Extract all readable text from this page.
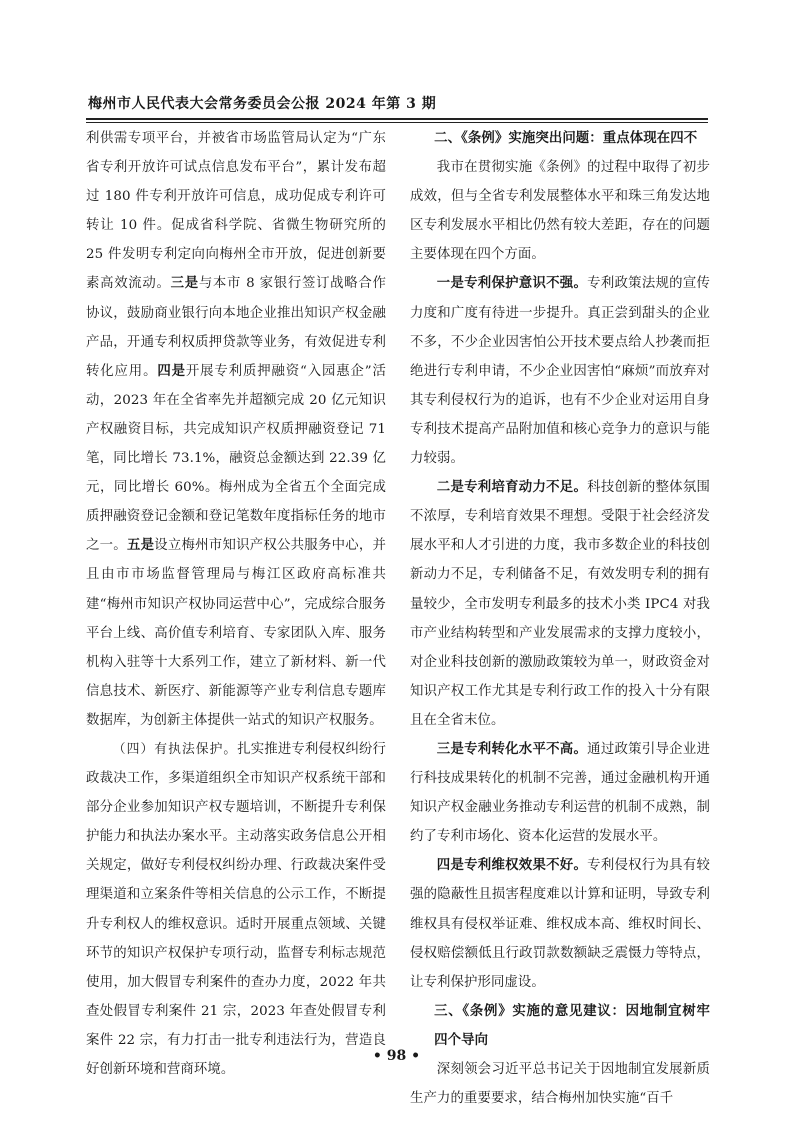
梅州市人民代表大会常务委员会公报 2024 年第 3 期

利供需专项平台，并被省市场监管局认定为“广东省专利开放许可试点信息发布平台”，累计发布超过 180 件专利开放许可信息，成功促成专利许可转让 10 件。促成省科学院、省微生物研究所的 25 件发明专利定向向梅州全市开放，促进创新要素高效流动。三是与本市 8 家银行签订战略合作协议，鼓励商业银行向本地企业推出知识产权金融产品，开通专利权质押贷款等业务，有效促进专利转化应用。四是开展专利质押融资“入园惠企”活动，2023 年在全省率先并超额完成 20 亿元知识产权融资目标，共完成知识产权质押融资登记 71 笔，同比增长 73.1%，融资总金额达到 22.39 亿元，同比增长 60%。梅州成为全省五个全面完成质押融资登记金额和登记笔数年度指标任务的地市之一。五是设立梅州市知识产权公共服务中心，并且由市市场监督管理局与梅江区政府高标准共建“梅州市知识产权协同运营中心”，完成综合服务平台上线、高价值专利培育、专家团队入库、服务机构入驻等十大系列工作，建立了新材料、新一代信息技术、新医疗、新能源等产业专利信息专题库数据库，为创新主体提供一站式的知识产权服务。

（四）有执法保护。扎实推进专利侵权纠纷行政裁决工作，多渠道组织全市知识产权系统干部和部分企业参加知识产权专题培训，不断提升专利保护能力和执法办案水平。主动落实政务信息公开相关规定，做好专利侵权纠纷办理、行政裁决案件受理渠道和立案条件等相关信息的公示工作，不断提升专利权人的维权意识。适时开展重点领域、关键环节的知识产权保护专项行动，监督专利标志规范使用，加大假冒专利案件的查办力度，2022 年共查处假冒专利案件 21 宗，2023 年查处假冒专利案件 22 宗，有力打击一批专利违法行为，营造良好创新环境和营商环境。

二、《条例》实施突出问题：重点体现在四不

我市在贯彻实施《条例》的过程中取得了初步成效，但与全省专利发展整体水平和珠三角发达地区专利发展水平相比仍然有较大差距，存在的问题主要体现在四个方面。

一是专利保护意识不强。专利政策法规的宣传力度和广度有待进一步提升。真正尝到甜头的企业不多，不少企业因害怕公开技术要点给人抄袭而拒绝进行专利申请，不少企业因害怕“麻烦”而放弃对其专利侵权行为的追诉，也有不少企业对运用自身专利技术提高产品附加值和核心竞争力的意识与能力较弱。

二是专利培育动力不足。科技创新的整体氛围不浓厚，专利培育效果不理想。受限于社会经济发展水平和人才引进的力度，我市多数企业的科技创新动力不足，专利储备不足，有效发明专利的拥有量较少，全市发明专利最多的技术小类 IPC4 对我市产业结构转型和产业发展需求的支撑力度较小，对企业科技创新的激励政策较为单一，财政资金对知识产权工作尤其是专利行政工作的投入十分有限且在全省末位。

三是专利转化水平不高。通过政策引导企业进行科技成果转化的机制不完善，通过金融机构开通知识产权金融业务推动专利运营的机制不成熟，制约了专利市场化、资本化运营的发展水平。

四是专利维权效果不好。专利侵权行为具有较强的隐蔽性且损害程度难以计算和证明，导致专利维权具有侵权举证难、维权成本高、维权时间长、侵权赔偿额低且行政罚款数额缺乏震慑力等特点，让专利保护形同虚设。

三、《条例》实施的意见建议：因地制宜树牢四个导向

深刻领会习近平总书记关于因地制宜发展新质生产力的重要要求，结合梅州加快实施“百千

• 98 •
